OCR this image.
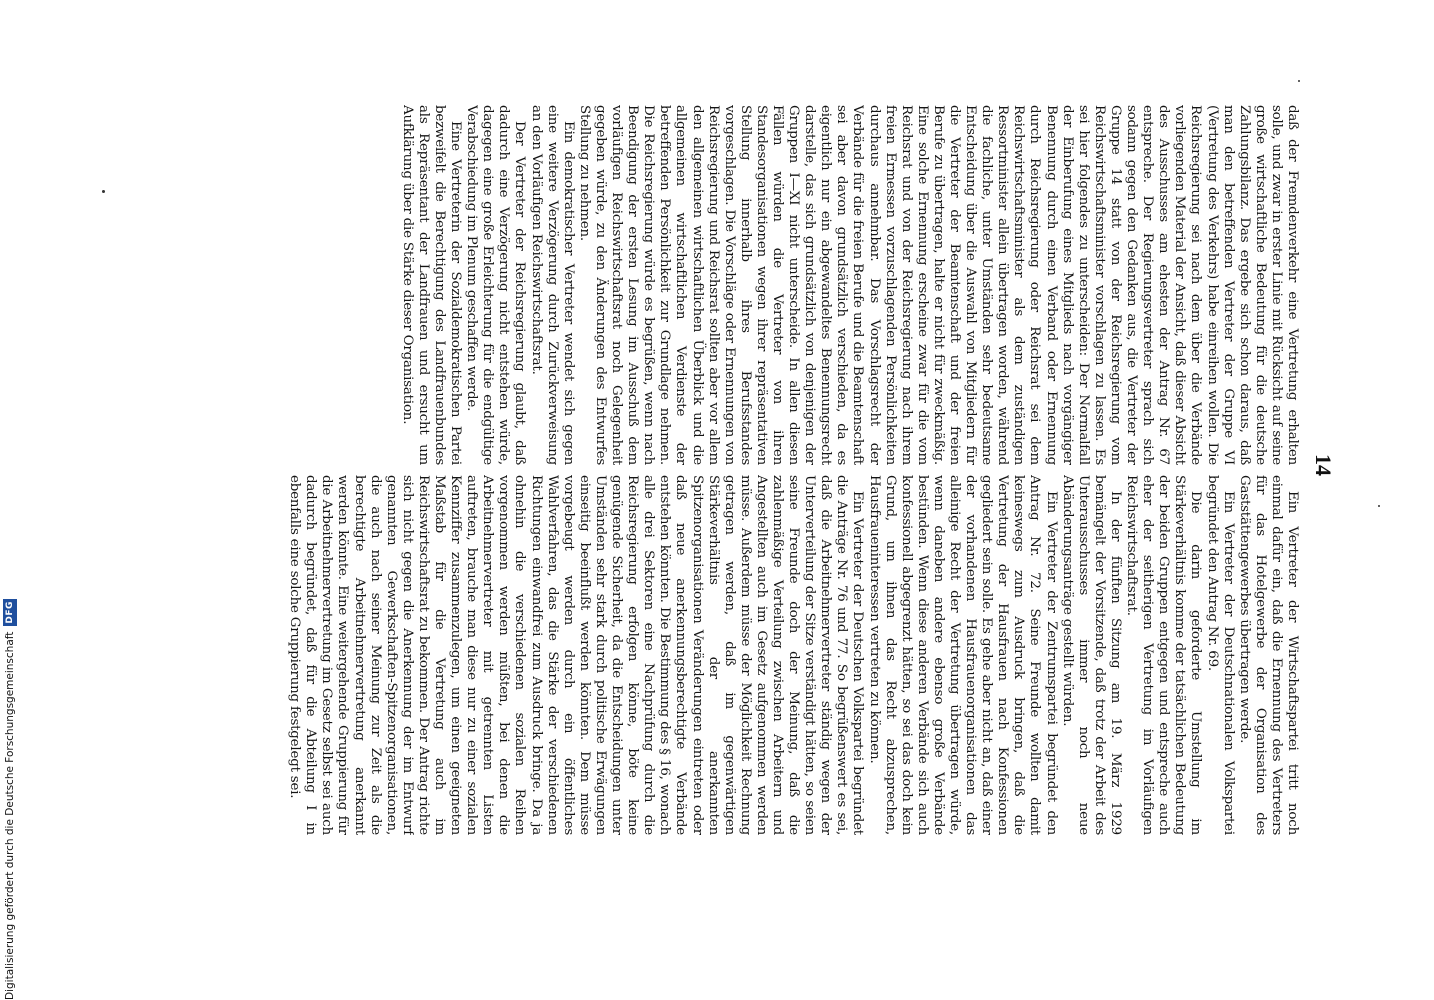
14

daß der Fremdenverkehr eine Vertretung erhalten solle, und zwar in erster Linie mit Rücksicht auf seine große wirtschaftliche Bedeutung für die deutsche Zahlungsbilanz. Das ergebe sich schon daraus, daß man den betreffenden Vertreter der Gruppe VI (Vertretung des Verkehrs) habe einreihen wollen. Die Reichsregierung sei nach dem über die Verbände vorliegenden Material der Ansicht, daß dieser Absicht des Ausschusses am ehesten der Antrag Nr. 67 entspreche. Der Regierungsvertreter sprach sich sodann gegen den Gedanken aus, die Vertreter der Gruppe 14 statt von der Reichsregierung vom Reichswirtschaftsminister vorschlagen zu lassen. Es sei hier folgendes zu unterscheiden: Der Normalfall der Einberufung eines Mitglieds nach vorgängiger Benennung durch einen Verband oder Ernennung durch Reichsregierung oder Reichsrat sei dem Reichswirtschaftsminister als dem zuständigen Ressortminister allein übertragen worden, während die fachliche, unter Umständen sehr bedeutsame Entscheidung über die Auswahl von Mitgliedern für die Vertreter der Beamtenschaft und der freien Berufe zu übertragen, halte er nicht für zweckmäßig. Eine solche Ernennung erscheine zwar für die vom Reichsrat und von der Reichsregierung nach ihrem freien Ermessen vorzuschlagenden Persönlichkeiten durchaus annehmbar. Das Vorschlagsrecht der Verbände für die freien Berufe und die Beamtenschaft sei aber davon grundsätzlich verschieden, da es eigentlich nur ein abgewandeltes Benennungsrecht darstelle, das sich grundsätzlich von denjenigen der Gruppen I—XI nicht unterscheide. In allen diesen Fällen würden die Vertreter von ihren Standesorganisationen wegen ihrer repräsentativen Stellung innerhalb ihres Berufsstandes vorgeschlagen. Die Vorschläge oder Ernennungen von Reichsregierung und Reichsrat sollten aber vor allem den allgemeinen wirtschaftlichen Überblick und die allgemeinen wirtschaftlichen Verdienste der betreffenden Persönlichkeit zur Grundlage nehmen. Die Reichsregierung würde es begrüßen, wenn nach Beendigung der ersten Lesung im Ausschuß dem vorläufigen Reichswirtschaftsrat noch Gelegenheit gegeben würde, zu den Änderungen des Entwurfes Stellung zu nehmen.

Ein demokratischer Vertreter wendet sich gegen eine weitere Verzögerung durch Zurückverweisung an den Vorläufigen Reichswirtschaftsrat.

Der Vertreter der Reichsregierung glaubt, daß dadurch eine Verzögerung nicht entstehen würde, dagegen eine große Erleichterung für die endgültige Verabschiedung im Plenum geschaffen werde.

Eine Vertreterin der Sozialdemokratischen Partei bezweifelt die Berechtigung des Landfrauenbundes als Repräsentant der Landfrauen und ersucht um Aufklärung über die Stärke dieser Organisation.

Ein Vertreter der Wirtschaftspartei tritt noch einmal dafür ein, daß die Ernennung des Vertreters für das Hotelgewerbe der Organisation des Gaststättengewerbes übertragen werde.

Ein Vertreter der Deutschnationalen Volkspartei begründet den Antrag Nr. 69.

Die darin geforderte Umstellung im Stärkeverhältnis komme der tatsächlichen Bedeutung der beiden Gruppen entgegen und entspreche auch eher der seitherigen Vertretung im Vorläufigen Reichswirtschaftsrat.

In der fünften Sitzung am 19. März 1929 bemängelt der Vorsitzende, daß trotz der Arbeit des Unterausschusses immer noch neue Abänderungsanträge gestellt würden.

Ein Vertreter der Zentrumspartei begründet den Antrag Nr. 72. Seine Freunde wollten damit keineswegs zum Ausdruck bringen, daß die Vertretung der Hausfrauen nach Konfessionen gegliedert sein solle. Es gehe aber nicht an, daß einer der vorhandenen Hausfrauenorganisationen das alleinige Recht der Vertretung übertragen würde, wenn daneben andere ebenso große Verbände bestünden. Wenn diese anderen Verbände sich auch konfessionell abgegrenzt hätten, so sei das doch kein Grund, um ihnen das Recht abzusprechen, Hausfraueninteressen vertreten zu können.

Ein Vertreter der Deutschen Volkspartei begründet die Anträge Nr. 76 und 77. So begrüßenswert es sei, daß die Arbeitnehmervertreter ständig wegen der Unterverteilung der Sitze verständigt hätten, so seien seine Freunde doch der Meinung, daß die zahlenmäßige Verteilung zwischen Arbeitern und Angestellten auch im Gesetz aufgenommen werden müsse. Außerdem müsse der Möglichkeit Rechnung getragen werden, daß im gegenwärtigen Stärkeverhältnis der anerkannten Spitzenorganisationen Veränderungen eintreten oder daß neue anerkennungsberechtigte Verbände entstehen könnten. Die Bestimmung des § 16, wonach alle drei Sektoren eine Nachprüfung durch die Reichsregierung erfolgen könne, böte keine genügende Sicherheit, da die Entscheidungen unter Umständen sehr stark durch politische Erwägungen einseitig beeinflußt werden könnten. Dem müsse vorgebeugt werden durch ein öffentliches Wahlverfahren, das die Stärke der verschiedenen Richtungen einwandfrei zum Ausdruck bringe. Da ja ohnehin die verschiedenen sozialen Reihen vorgenommen werden müßten, bei denen die Arbeitnehmervertreter mit getrennten Listen auftreten, brauche man diese nur zu einer sozialen Kennziffer zusammenzulegen, um einen geeigneten Maßstab für die Vertretung auch im Reichswirtschaftsrat zu bekommen. Der Antrag richte sich nicht gegen die Anerkennung der im Entwurf genannten Gewerkschaften-Spitzenorganisationen, die auch nach seiner Meinung zur Zeit als die berechtigte Arbeitnehmervertretung anerkannt werden könnte. Eine weitergehende Gruppierung für die Arbeitnehmervertretung im Gesetz selbst sei auch dadurch begründet, daß für die Abteilung I in ebenfalls eine solche Gruppierung festgelegt sei.

Digitalisierung gefördert durch die Deutsche Forschungsgemeinschaft
DFG
